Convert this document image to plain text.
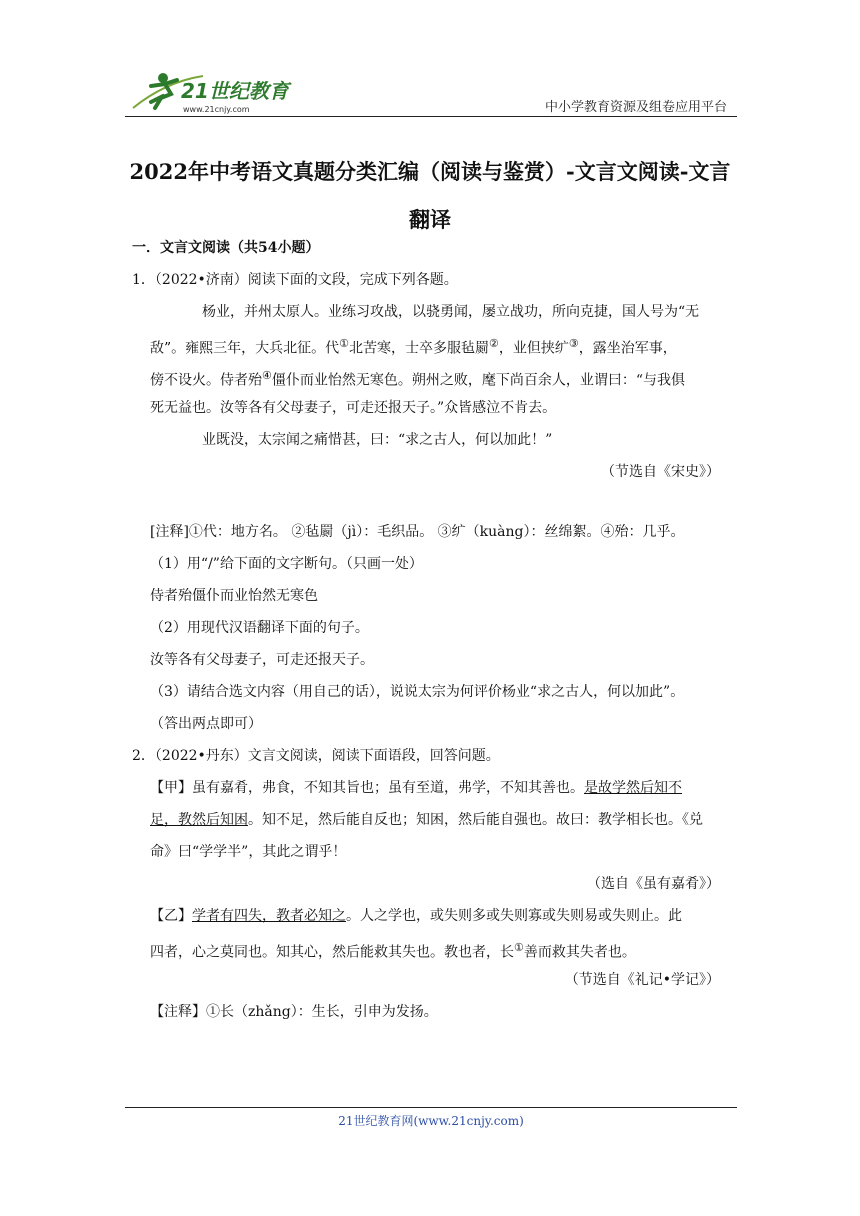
21世纪教育
www.21cnjy.com	中小学教育资源及组卷应用平台
2022年中考语文真题分类汇编（阅读与鉴赏）-文言文阅读-文言
翻译
一．文言文阅读（共54小题）
1．（2022•济南）阅读下面的文段，完成下列各题。
杨业，并州太原人。业练习攻战，以骁勇闻，屡立战功，所向克捷，国人号为“无
敌”。雍熙三年，大兵北征。代①北苦寒，士卒多服毡罽②，业但挟纩③，露坐治军事，
傍不设火。侍者殆④僵仆而业怡然无寒色。朔州之败，麾下尚百余人，业谓曰：“与我俱
死无益也。汝等各有父母妻子，可走还报天子。”众皆感泣不肯去。
业既没，太宗闻之痛惜甚，曰：“求之古人，何以加此！”
（节选自《宋史》）
[注释]①代：地方名。 ②毡罽（jì）：毛织品。 ③纩（kuàng）：丝绵絮。④殆：几乎。
（1）用“/”给下面的文字断句。（只画一处）
侍者殆僵仆而业怡然无寒色
（2）用现代汉语翻译下面的句子。
汝等各有父母妻子，可走还报天子。
（3）请结合选文内容（用自己的话），说说太宗为何评价杨业“求之古人，何以加此”。
（答出两点即可）
2．（2022•丹东）文言文阅读，阅读下面语段，回答问题。
【甲】虽有嘉肴，弗食，不知其旨也；虽有至道，弗学，不知其善也。是故学然后知不
足，教然后知困。知不足，然后能自反也；知困，然后能自强也。故曰：教学相长也。《兑
命》曰“学学半”，其此之谓乎！
（选自《虽有嘉肴》）
【乙】学者有四失，教者必知之。人之学也，或失则多或失则寡或失则易或失则止。此
四者，心之莫同也。知其心，然后能救其失也。教也者，长①善而救其失者也。
（节选自《礼记•学记》）
【注释】①长（zhǎng）：生长，引申为发扬。
21世纪教育网(www.21cnjy.com)
